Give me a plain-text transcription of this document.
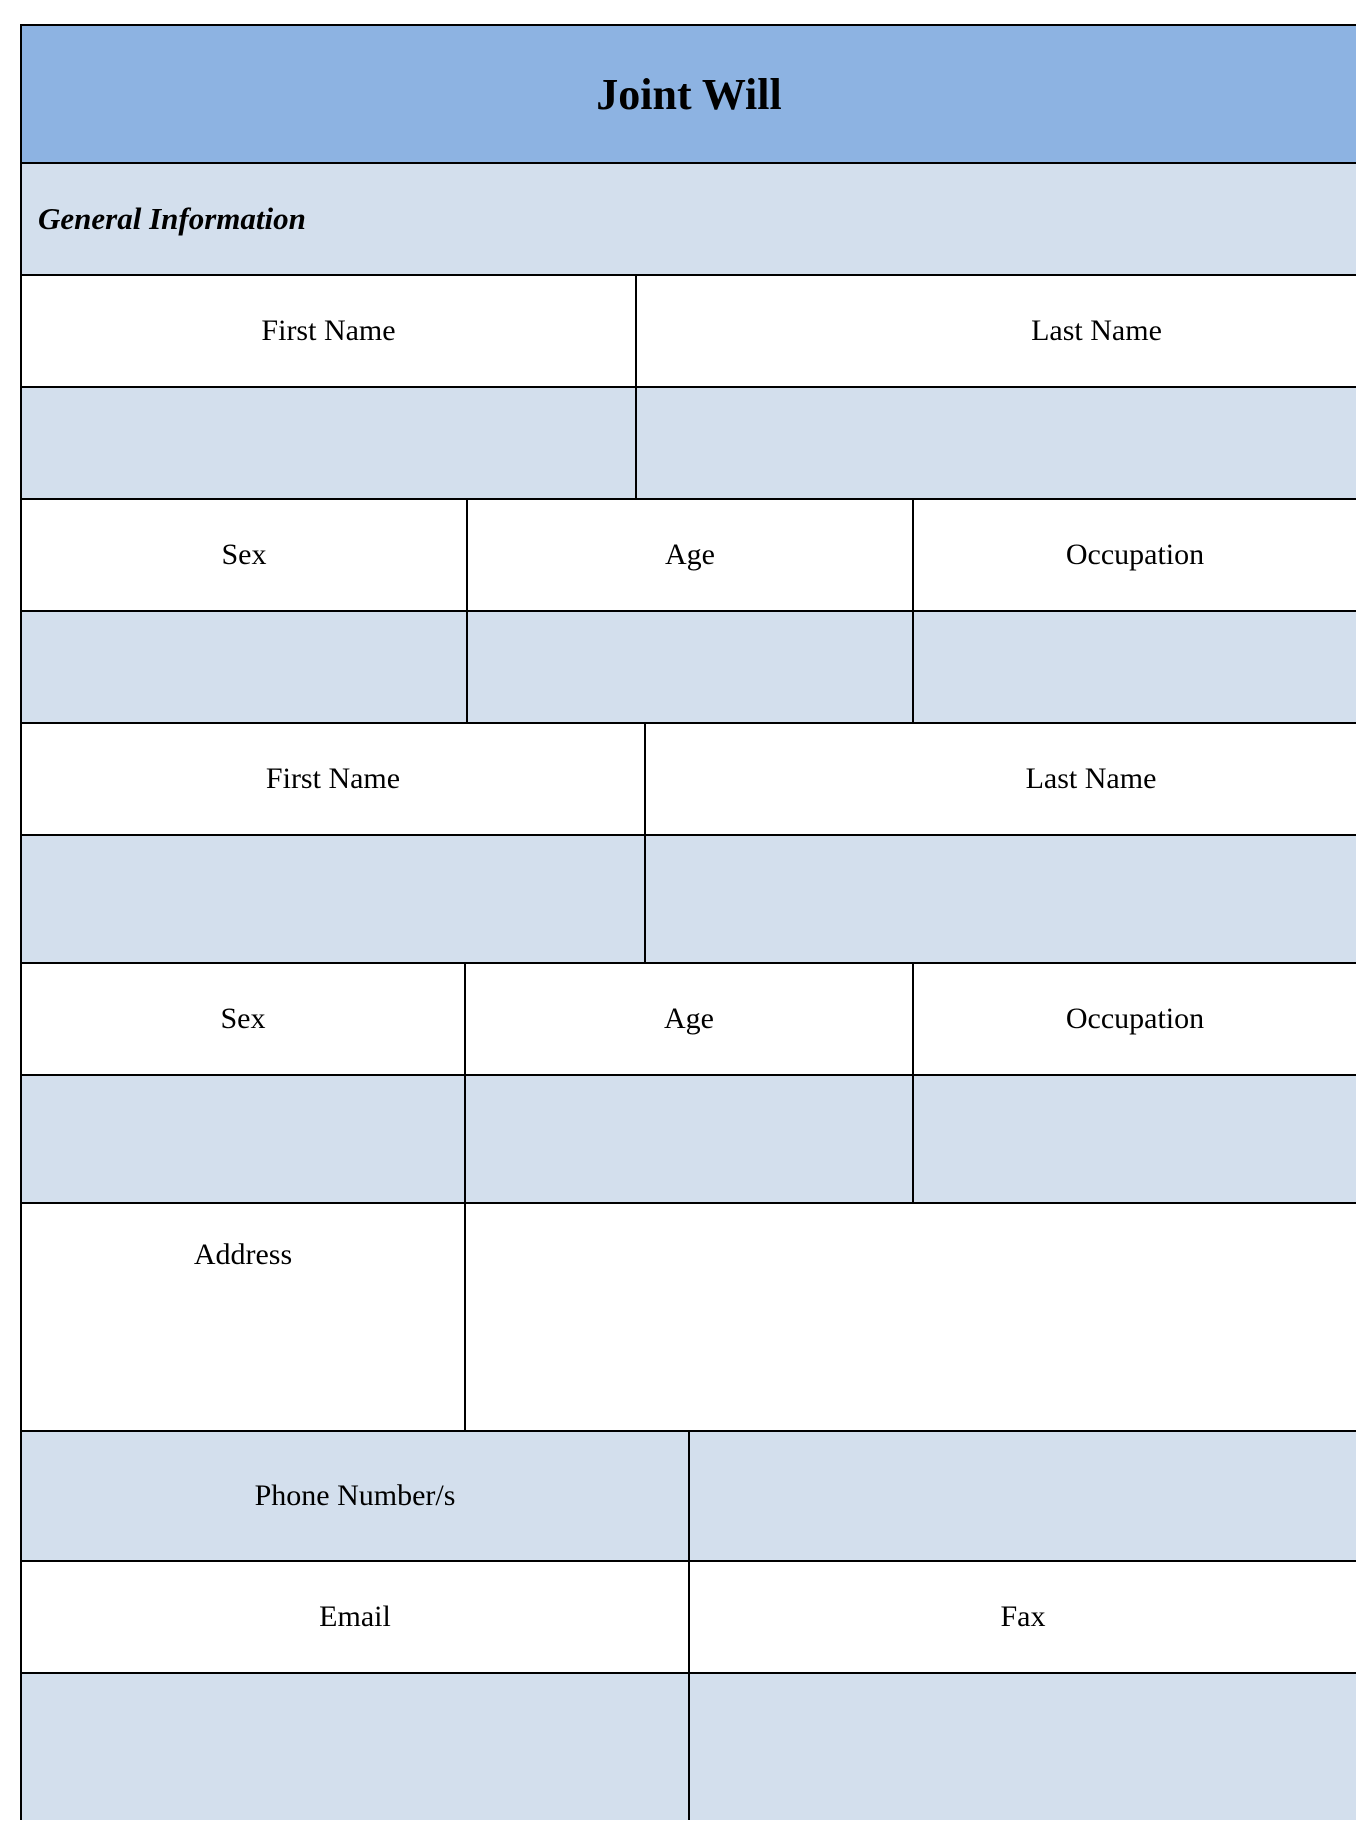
Joint Will
General Information
First Name	Last Name
Sex	Age	Occupation
First Name	Last Name
Sex	Age	Occupation
Address
Phone Number/s
Email	Fax
